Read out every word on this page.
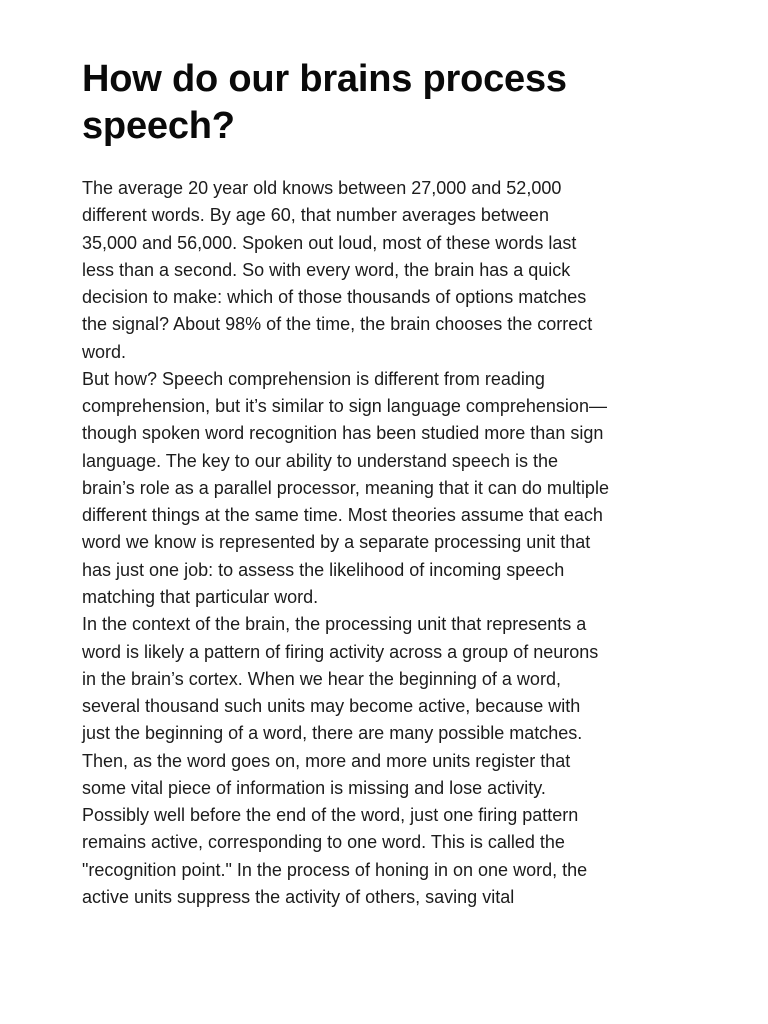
How do our brains process
speech?
The average 20 year old knows between 27,000 and 52,000
different words. By age 60, that number averages between
35,000 and 56,000. Spoken out loud, most of these words last
less than a second. So with every word, the brain has a quick
decision to make: which of those thousands of options matches
the signal? About 98% of the time, the brain chooses the correct
word.
But how? Speech comprehension is different from reading
comprehension, but it’s similar to sign language comprehension—
though spoken word recognition has been studied more than sign
language. The key to our ability to understand speech is the
brain’s role as a parallel processor, meaning that it can do multiple
different things at the same time. Most theories assume that each
word we know is represented by a separate processing unit that
has just one job: to assess the likelihood of incoming speech
matching that particular word.
In the context of the brain, the processing unit that represents a
word is likely a pattern of firing activity across a group of neurons
in the brain’s cortex. When we hear the beginning of a word,
several thousand such units may become active, because with
just the beginning of a word, there are many possible matches.
Then, as the word goes on, more and more units register that
some vital piece of information is missing and lose activity.
Possibly well before the end of the word, just one firing pattern
remains active, corresponding to one word. This is called the
"recognition point." In the process of honing in on one word, the
active units suppress the activity of others, saving vital
